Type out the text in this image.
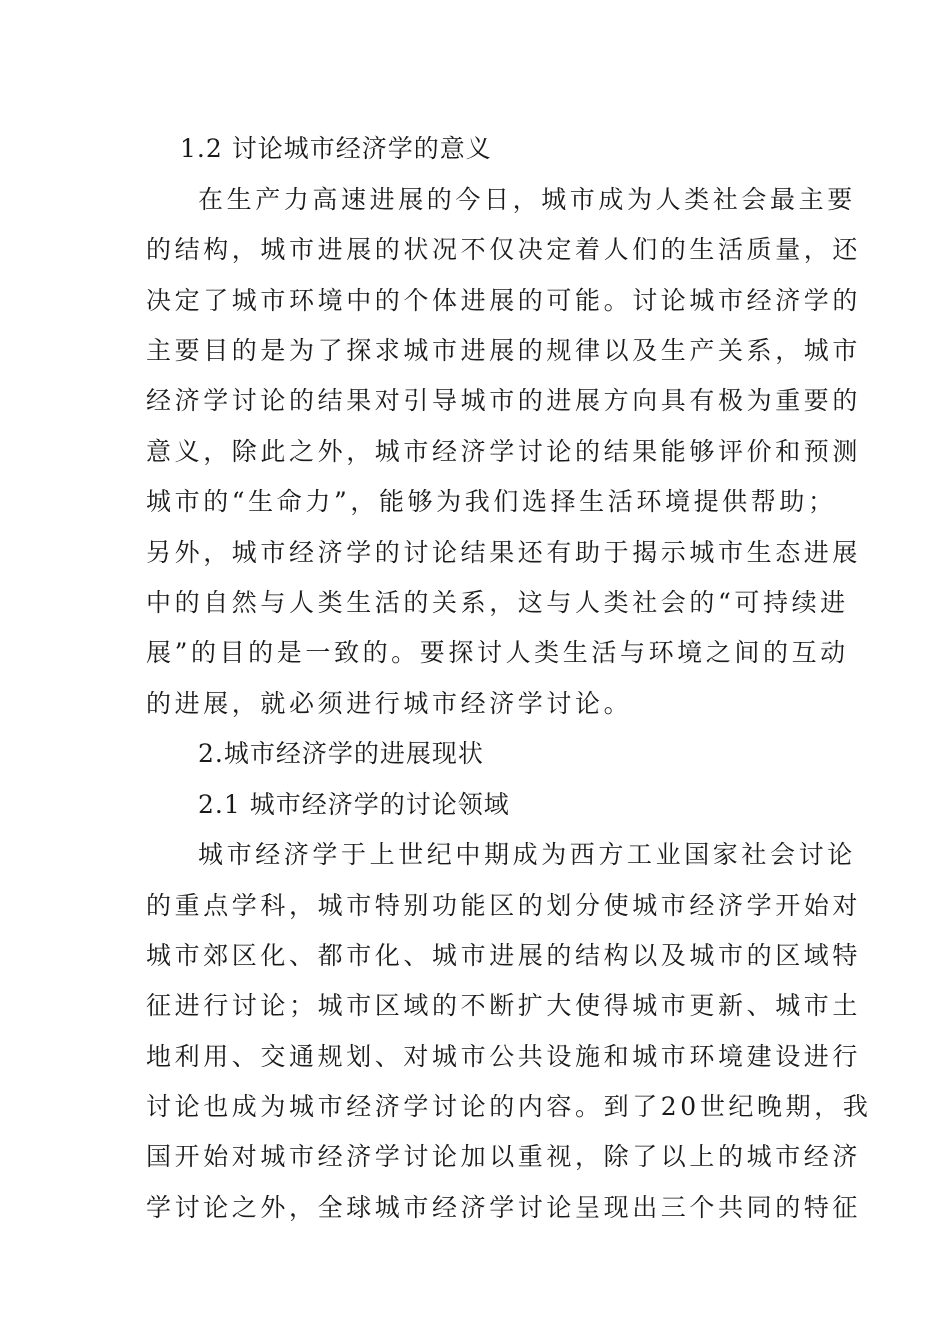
1.2 讨论城市经济学的意义
在生产力高速进展的今日，城市成为人类社会最主要
的结构，城市进展的状况不仅决定着人们的生活质量，还
决定了城市环境中的个体进展的可能。讨论城市经济学的
主要目的是为了探求城市进展的规律以及生产关系，城市
经济学讨论的结果对引导城市的进展方向具有极为重要的
意义，除此之外，城市经济学讨论的结果能够评价和预测
城市的“生命力”，能够为我们选择生活环境提供帮助；
另外，城市经济学的讨论结果还有助于揭示城市生态进展
中的自然与人类生活的关系，这与人类社会的“可持续进
展”的目的是一致的。要探讨人类生活与环境之间的互动
的进展，就必须进行城市经济学讨论。
2.城市经济学的进展现状
2.1 城市经济学的讨论领域
城市经济学于上世纪中期成为西方工业国家社会讨论
的重点学科，城市特别功能区的划分使城市经济学开始对
城市郊区化、都市化、城市进展的结构以及城市的区域特
征进行讨论；城市区域的不断扩大使得城市更新、城市土
地利用、交通规划、对城市公共设施和城市环境建设进行
讨论也成为城市经济学讨论的内容。到了20世纪晚期，我
国开始对城市经济学讨论加以重视，除了以上的城市经济
学讨论之外，全球城市经济学讨论呈现出三个共同的特征
